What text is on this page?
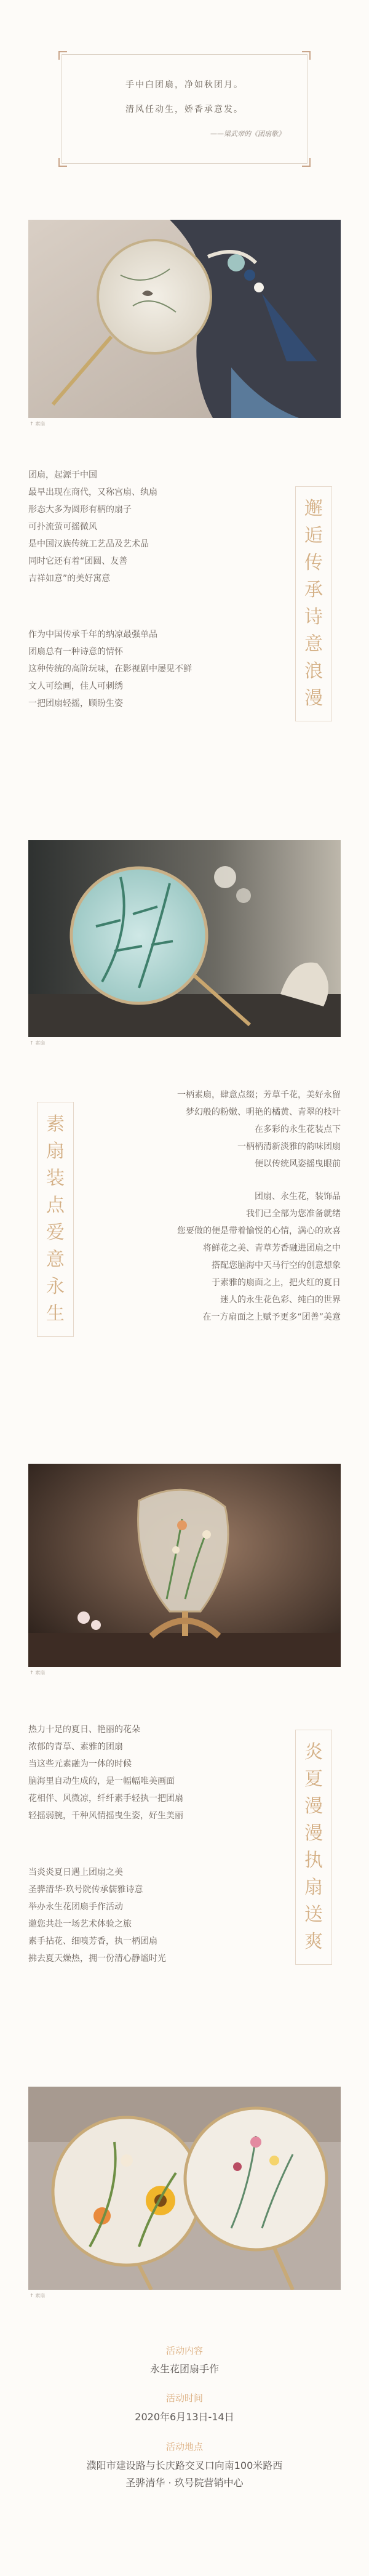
手中白团扇，净如秋团月。
清风任动生，娇香承意发。
——梁武帝的《团扇歌》
↑ 素扇

团扇，起源于中国

最早出现在商代，又称宫扇、纨扇

形态大多为圆形有柄的扇子

可扑流萤可摇微风

是中国汉族传统工艺品及艺术品

同时它还有着“团圆、友善

吉祥如意”的美好寓意

作为中国传承千年的纳凉最强单品

团扇总有一种诗意的情怀

这种传统的高阶玩味，在影视剧中屡见不鲜

文人可绘画，佳人可刺绣

一把团扇轻摇，顾盼生姿

邂
逅
传
承
诗
意
浪
漫
↑ 素扇

一柄素扇，肆意点缀；芳草千花，美好永留

梦幻般的粉嫩、明艳的橘黄、青翠的枝叶

在多彩的永生花装点下

一柄柄清新淡雅的韵味团扇

便以传统风姿摇曳眼前

团扇、永生花，装饰品

我们已全部为您准备就绪

您要做的便是带着愉悦的心情，满心的欢喜

将鲜花之美、青草芳香融进团扇之中

搭配您脑海中天马行空的创意想象

于素雅的扇面之上，把火红的夏日

迷人的永生花色彩、纯白的世界

在一方扇面之上赋予更多“团善”美意

素
扇
装
点
爱
意
永
生
↑ 素扇

热力十足的夏日、艳丽的花朵

浓郁的青草、素雅的团扇

当这些元素融为一体的时候

脑海里自动生成的，是一幅幅唯美画面

花相伴、风微凉，纤纤素手轻执一把团扇

轻摇弱腕，千种风情摇曳生姿，好生美丽

当炎炎夏日遇上团扇之美

圣骅清华·玖号院传承儒雅诗意

举办永生花团扇手作活动

邀您共赴一场艺术体验之旅

素手拈花、细嗅芳香，执一柄团扇

拂去夏天燥热，拥一份清心静谧时光

炎
夏
漫
漫
执
扇
送
爽
↑ 素扇
活动内容
永生花团扇手作
活动时间
2020年6月13日-14日
活动地点
濮阳市建设路与长庆路交叉口向南100米路西
圣骅清华 · 玖号院营销中心
